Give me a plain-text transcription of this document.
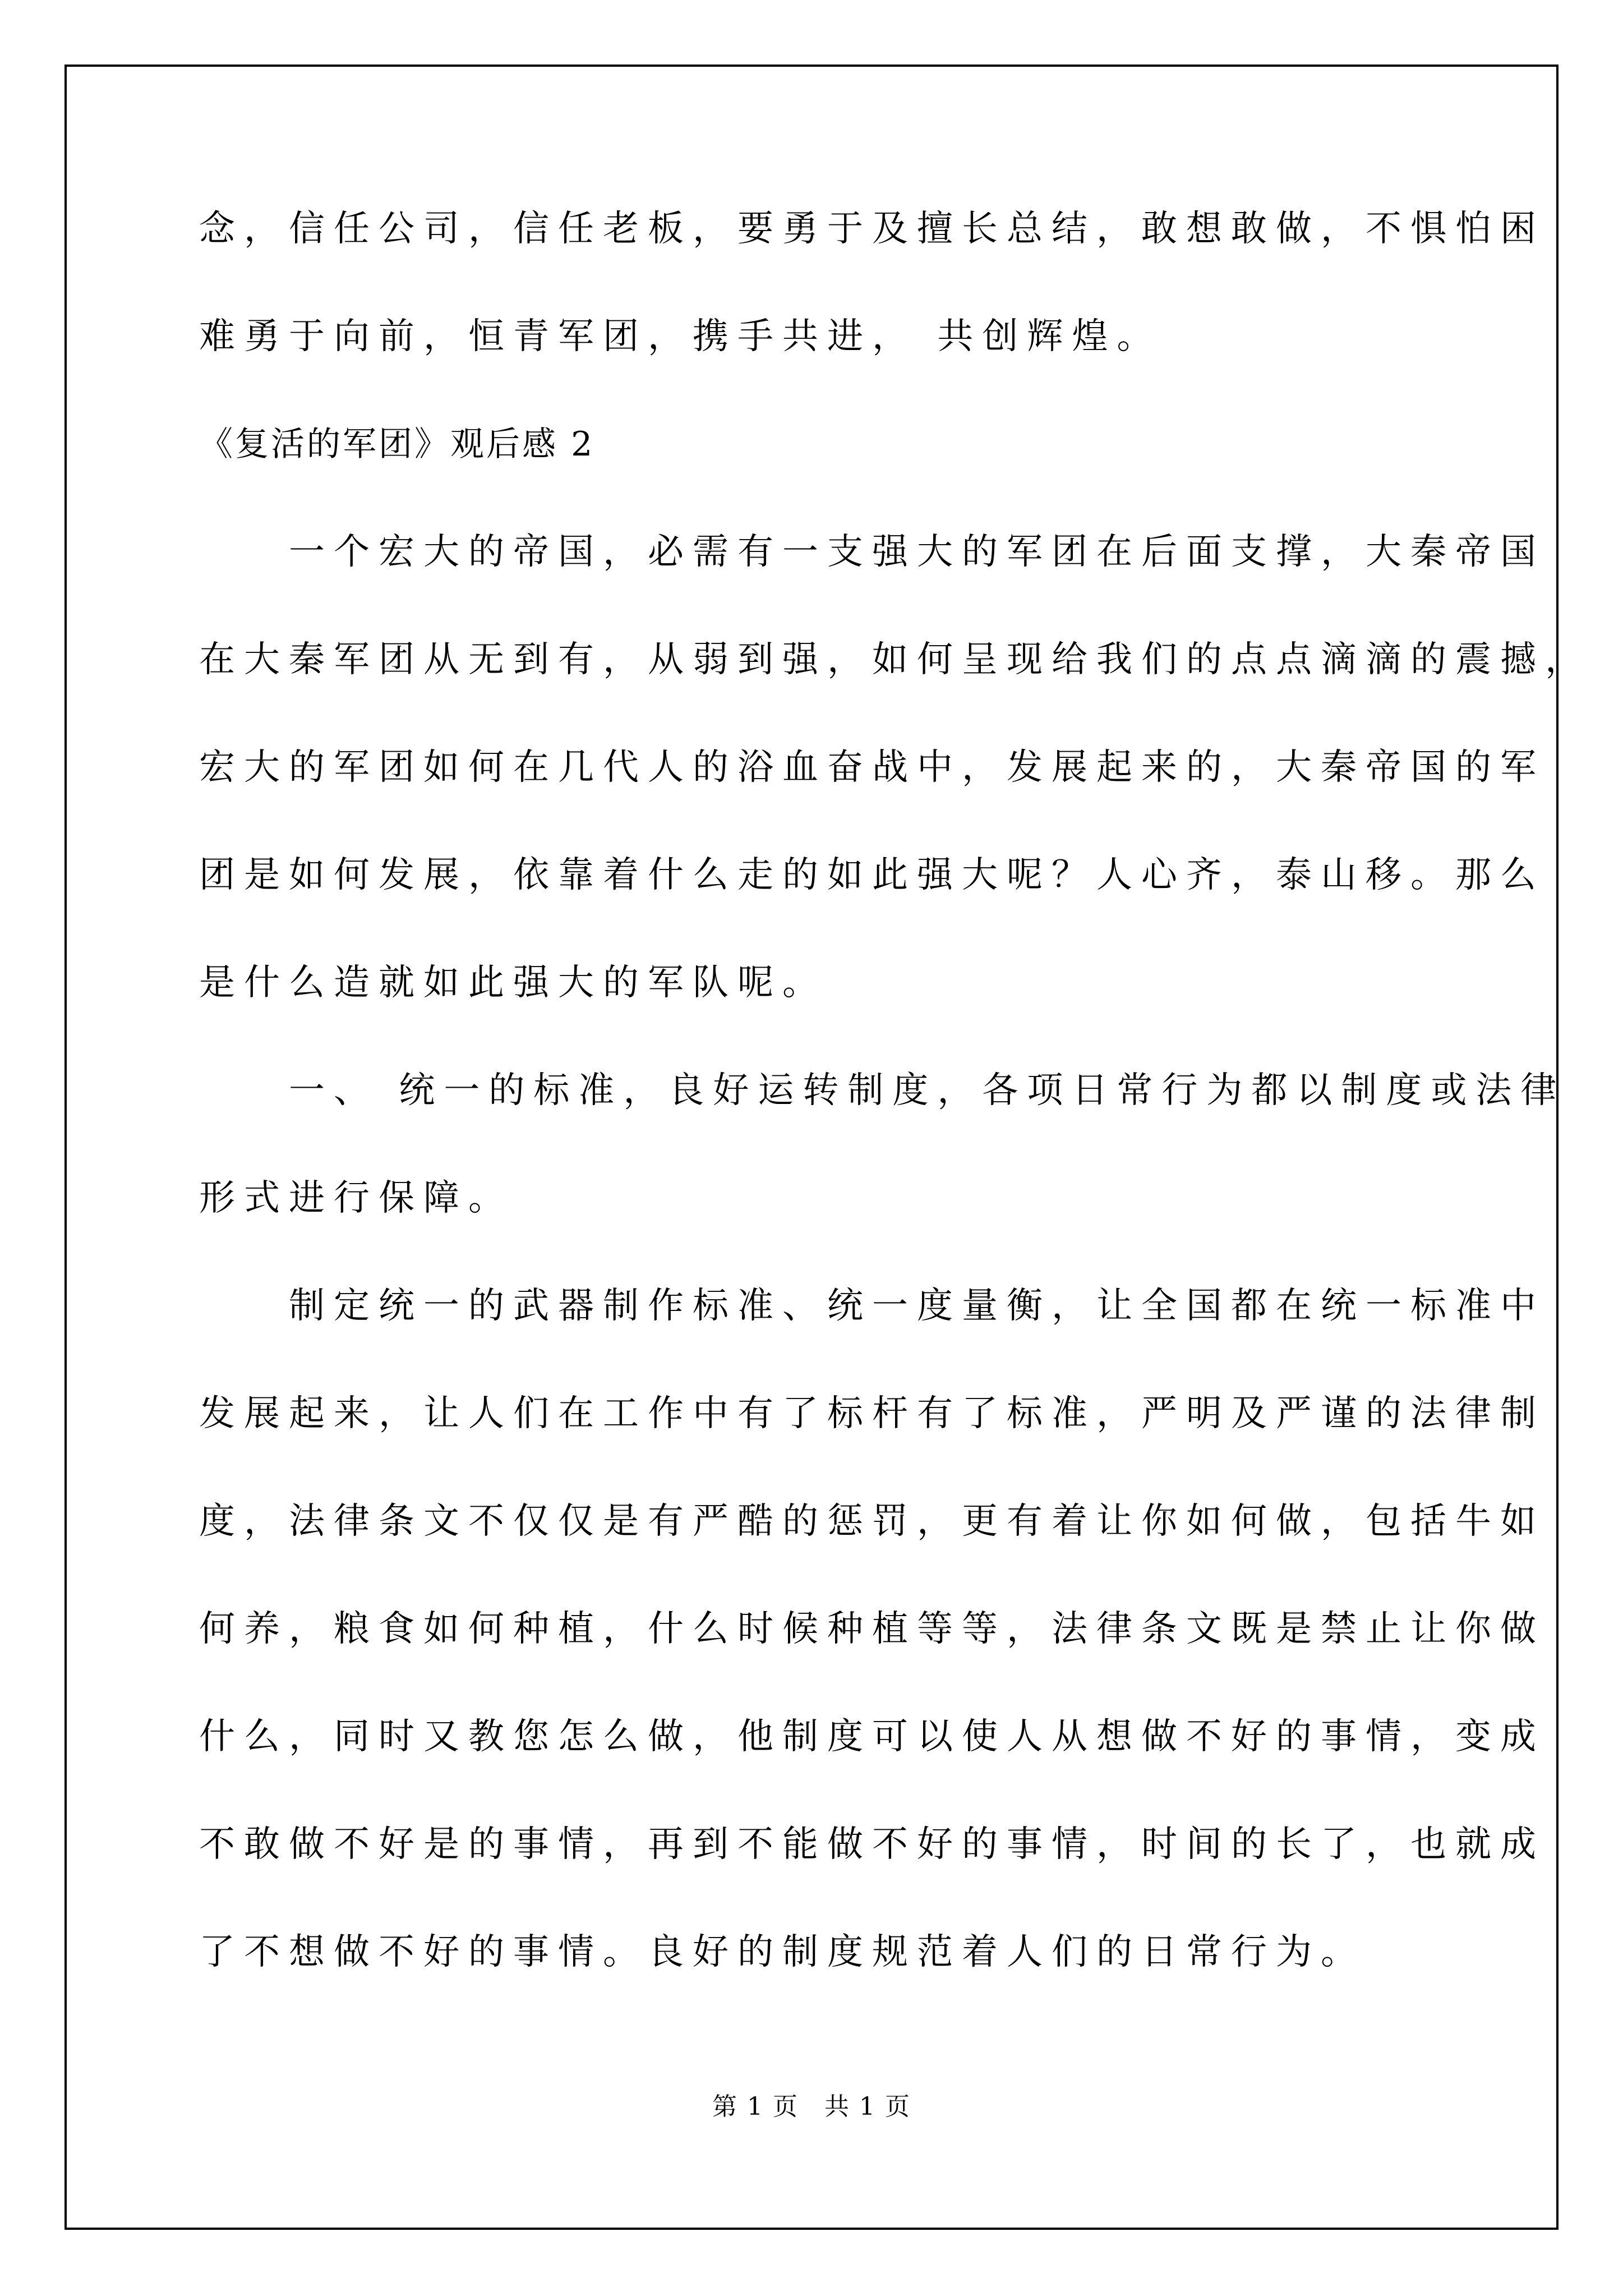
念，信任公司，信任老板，要勇于及擅长总结，敢想敢做，不惧怕困

难勇于向前，恒青军团，携手共进， 共创辉煌。

《复活的军团》观后感 2

　　一个宏大的帝国，必需有一支强大的军团在后面支撑，大秦帝国

在大秦军团从无到有，从弱到强，如何呈现给我们的点点滴滴的震撼，

宏大的军团如何在几代人的浴血奋战中，发展起来的，大秦帝国的军

团是如何发展，依靠着什么走的如此强大呢？人心齐，泰山移。那么

是什么造就如此强大的军队呢。

　　一、 统一的标准，良好运转制度，各项日常行为都以制度或法律

形式进行保障。

　　制定统一的武器制作标准、统一度量衡，让全国都在统一标准中

发展起来，让人们在工作中有了标杆有了标准，严明及严谨的法律制

度，法律条文不仅仅是有严酷的惩罚，更有着让你如何做，包括牛如

何养，粮食如何种植，什么时候种植等等，法律条文既是禁止让你做

什么，同时又教您怎么做，他制度可以使人从想做不好的事情，变成

不敢做不好是的事情，再到不能做不好的事情，时间的长了，也就成

了不想做不好的事情。良好的制度规范着人们的日常行为。

第 1 页　共 1 页
